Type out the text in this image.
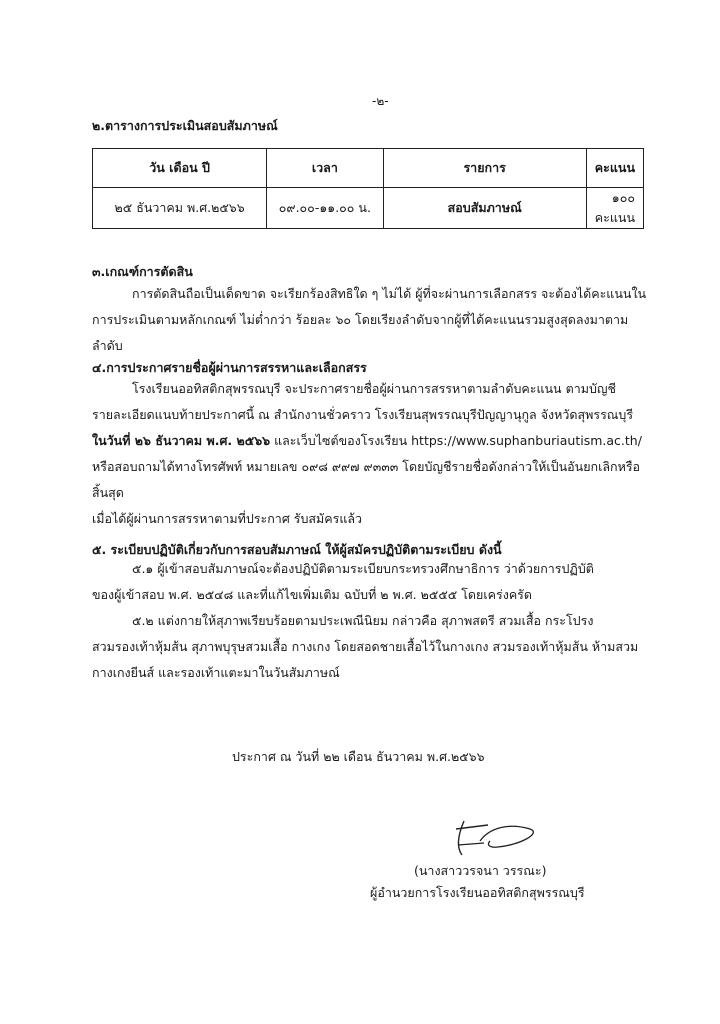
-๒-
๒.ตารางการประเมินสอบสัมภาษณ์
วัน เดือน ปี	เวลา	รายการ	คะแนน
๒๕ ธันวาคม พ.ศ.๒๕๖๖	๐๙.๐๐-๑๑.๐๐ น.	สอบสัมภาษณ์	๑๐๐ คะแนน
๓.เกณฑ์การตัดสิน
การตัดสินถือเป็นเด็ดขาด จะเรียกร้องสิทธิใด ๆ ไม่ได้ ผู้ที่จะผ่านการเลือกสรร จะต้องได้คะแนนใน
การประเมินตามหลักเกณฑ์ ไม่ต่ำกว่า ร้อยละ ๖๐ โดยเรียงลำดับจากผู้ที่ได้คะแนนรวมสูงสุดลงมาตามลำดับ
๔.การประกาศรายชื่อผู้ผ่านการสรรหาและเลือกสรร
โรงเรียนออทิสติกสุพรรณบุรี จะประกาศรายชื่อผู้ผ่านการสรรหาตามลำดับคะแนน ตามบัญชี
รายละเอียดแนบท้ายประกาศนี้ ณ สำนักงานชั่วคราว โรงเรียนสุพรรณบุรีปัญญานุกูล จังหวัดสุพรรณบุรี
ในวันที่ ๒๖ ธันวาคม พ.ศ. ๒๕๖๖ และเว็บไซต์ของโรงเรียน https://www.suphanburiautism.ac.th/
หรือสอบถามได้ทางโทรศัพท์ หมายเลข ๐๙๘ ๙๙๗ ๙๓๓๓ โดยบัญชีรายชื่อดังกล่าวให้เป็นอันยกเลิกหรือสิ้นสุด
เมื่อได้ผู้ผ่านการสรรหาตามที่ประกาศ รับสมัครแล้ว
๕. ระเบียบปฏิบัติเกี่ยวกับการสอบสัมภาษณ์ ให้ผู้สมัครปฏิบัติตามระเบียบ ดังนี้
๕.๑ ผู้เข้าสอบสัมภาษณ์จะต้องปฏิบัติตามระเบียบกระทรวงศึกษาธิการ ว่าด้วยการปฏิบัติ
ของผู้เข้าสอบ พ.ศ. ๒๕๔๘ และที่แก้ไขเพิ่มเติม ฉบับที่ ๒ พ.ศ. ๒๕๕๕ โดยเคร่งครัด
๕.๒ แต่งกายให้สุภาพเรียบร้อยตามประเพณีนิยม กล่าวคือ สุภาพสตรี สวมเสื้อ กระโปรง
สวมรองเท้าหุ้มส้น สุภาพบุรุษสวมเสื้อ กางเกง โดยสอดชายเสื้อไว้ในกางเกง สวมรองเท้าหุ้มส้น ห้ามสวม
กางเกงยีนส์ และรองเท้าแตะมาในวันสัมภาษณ์
ประกาศ ณ วันที่ ๒๒ เดือน ธันวาคม พ.ศ.๒๕๖๖
(นางสาววรจนา วรรณะ)
ผู้อำนวยการโรงเรียนออทิสติกสุพรรณบุรี
